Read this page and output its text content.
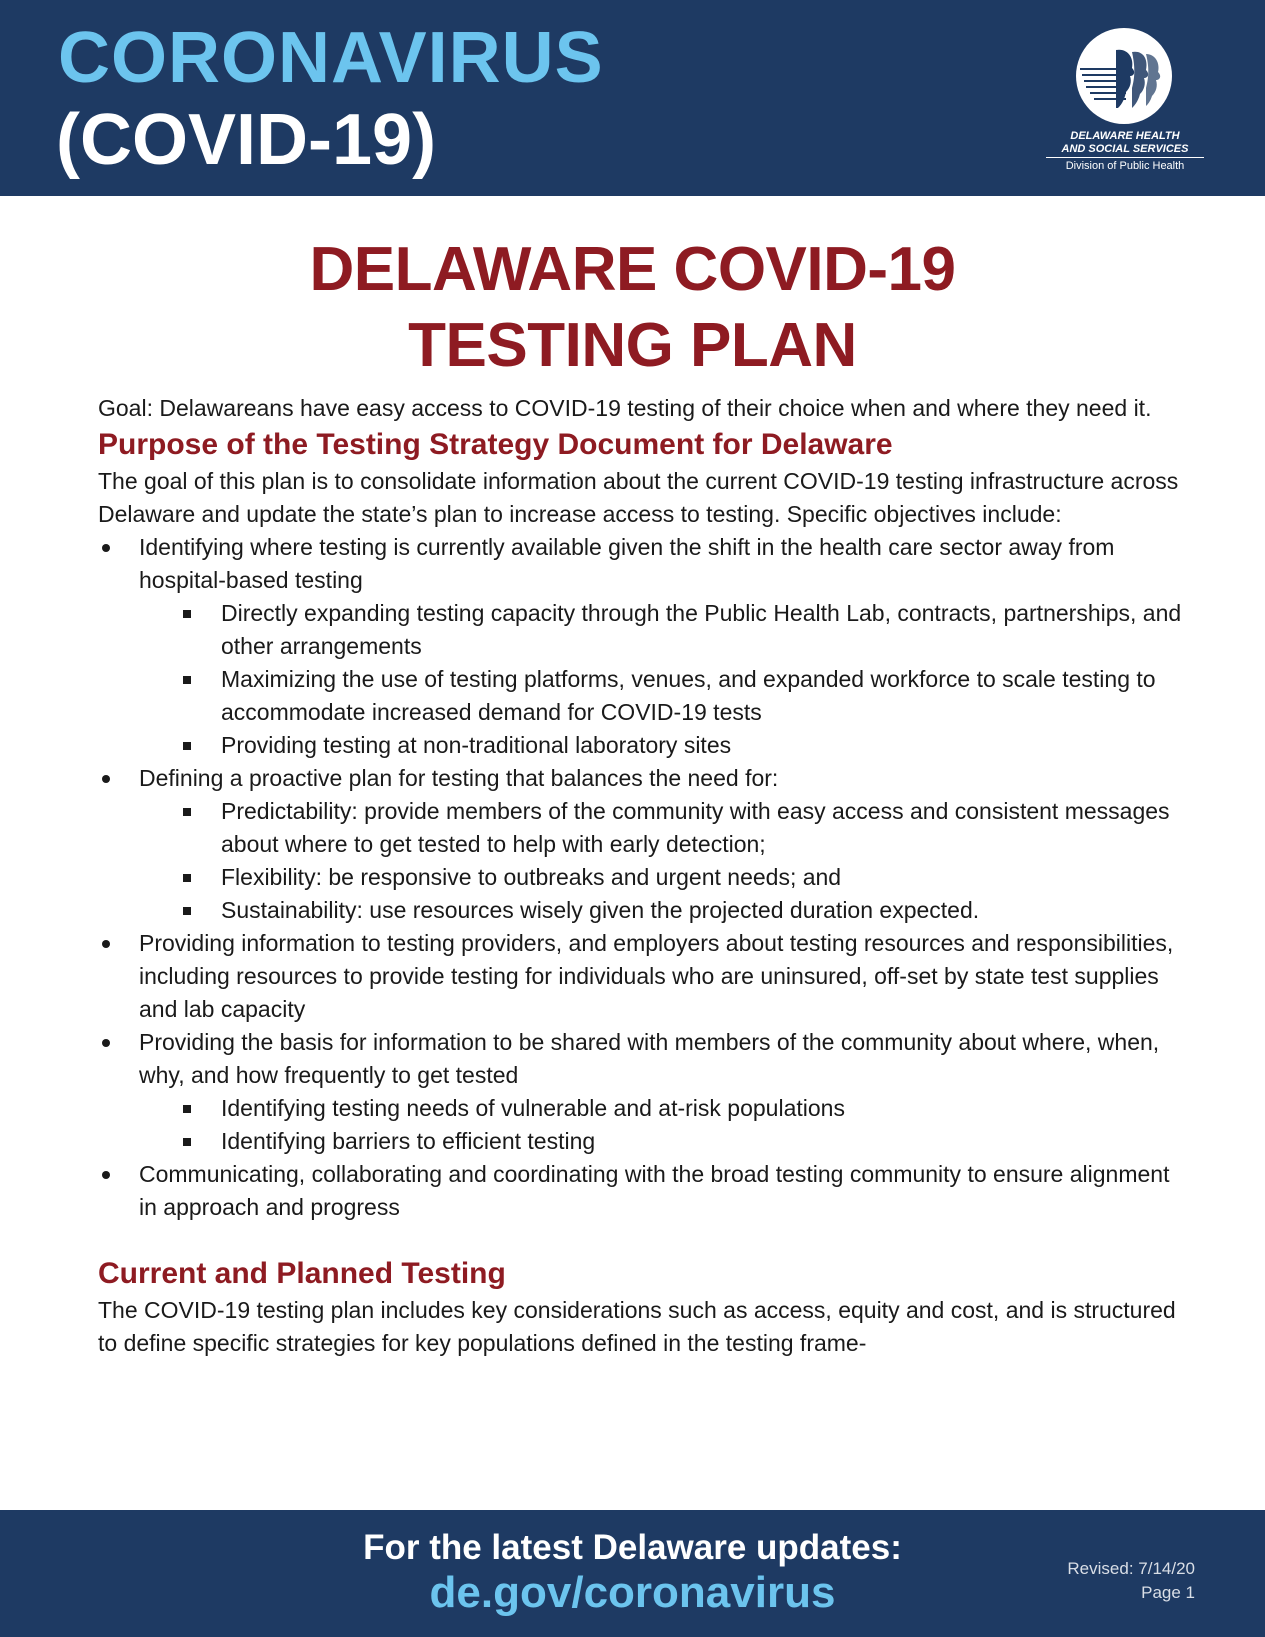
CORONAVIRUS
(COVID-19)	DELAWARE HEALTH
AND SOCIAL SERVICES
Division of Public Health
DELAWARE COVID-19
TESTING PLAN

Goal: Delawareans have easy access to COVID-19 testing of their choice when and where they need it.

Purpose of the Testing Strategy Document for Delaware

The goal of this plan is to consolidate information about the current COVID-19 testing infrastructure across Delaware and update the state’s plan to increase access to testing. Specific objectives include:

Identifying where testing is currently available given the shift in the health care sector away from hospital-based testing
Directly expanding testing capacity through the Public Health Lab, contracts, partnerships, and other arrangements
Maximizing the use of testing platforms, venues, and expanded workforce to scale testing to accommodate increased demand for COVID-19 tests
Providing testing at non-traditional laboratory sites
Defining a proactive plan for testing that balances the need for:
Predictability: provide members of the community with easy access and consistent messages about where to get tested to help with early detection;
Flexibility: be responsive to outbreaks and urgent needs; and
Sustainability: use resources wisely given the projected duration expected.
Providing information to testing providers, and employers about testing resources and responsibilities, including resources to provide testing for individuals who are uninsured, off-set by state test supplies and lab capacity
Providing the basis for information to be shared with members of the community about where, when, why, and how frequently to get tested
Identifying testing needs of vulnerable and at-risk populations
Identifying barriers to efficient testing
Communicating, collaborating and coordinating with the broad testing community to ensure alignment in approach and progress
Current and Planned Testing

The COVID-19 testing plan includes key considerations such as access, equity and cost, and is structured to define specific strategies for key populations defined in the testing frame-

For the latest Delaware updates:
de.gov/coronavirus	Revised: 7/14/20
Page 1
